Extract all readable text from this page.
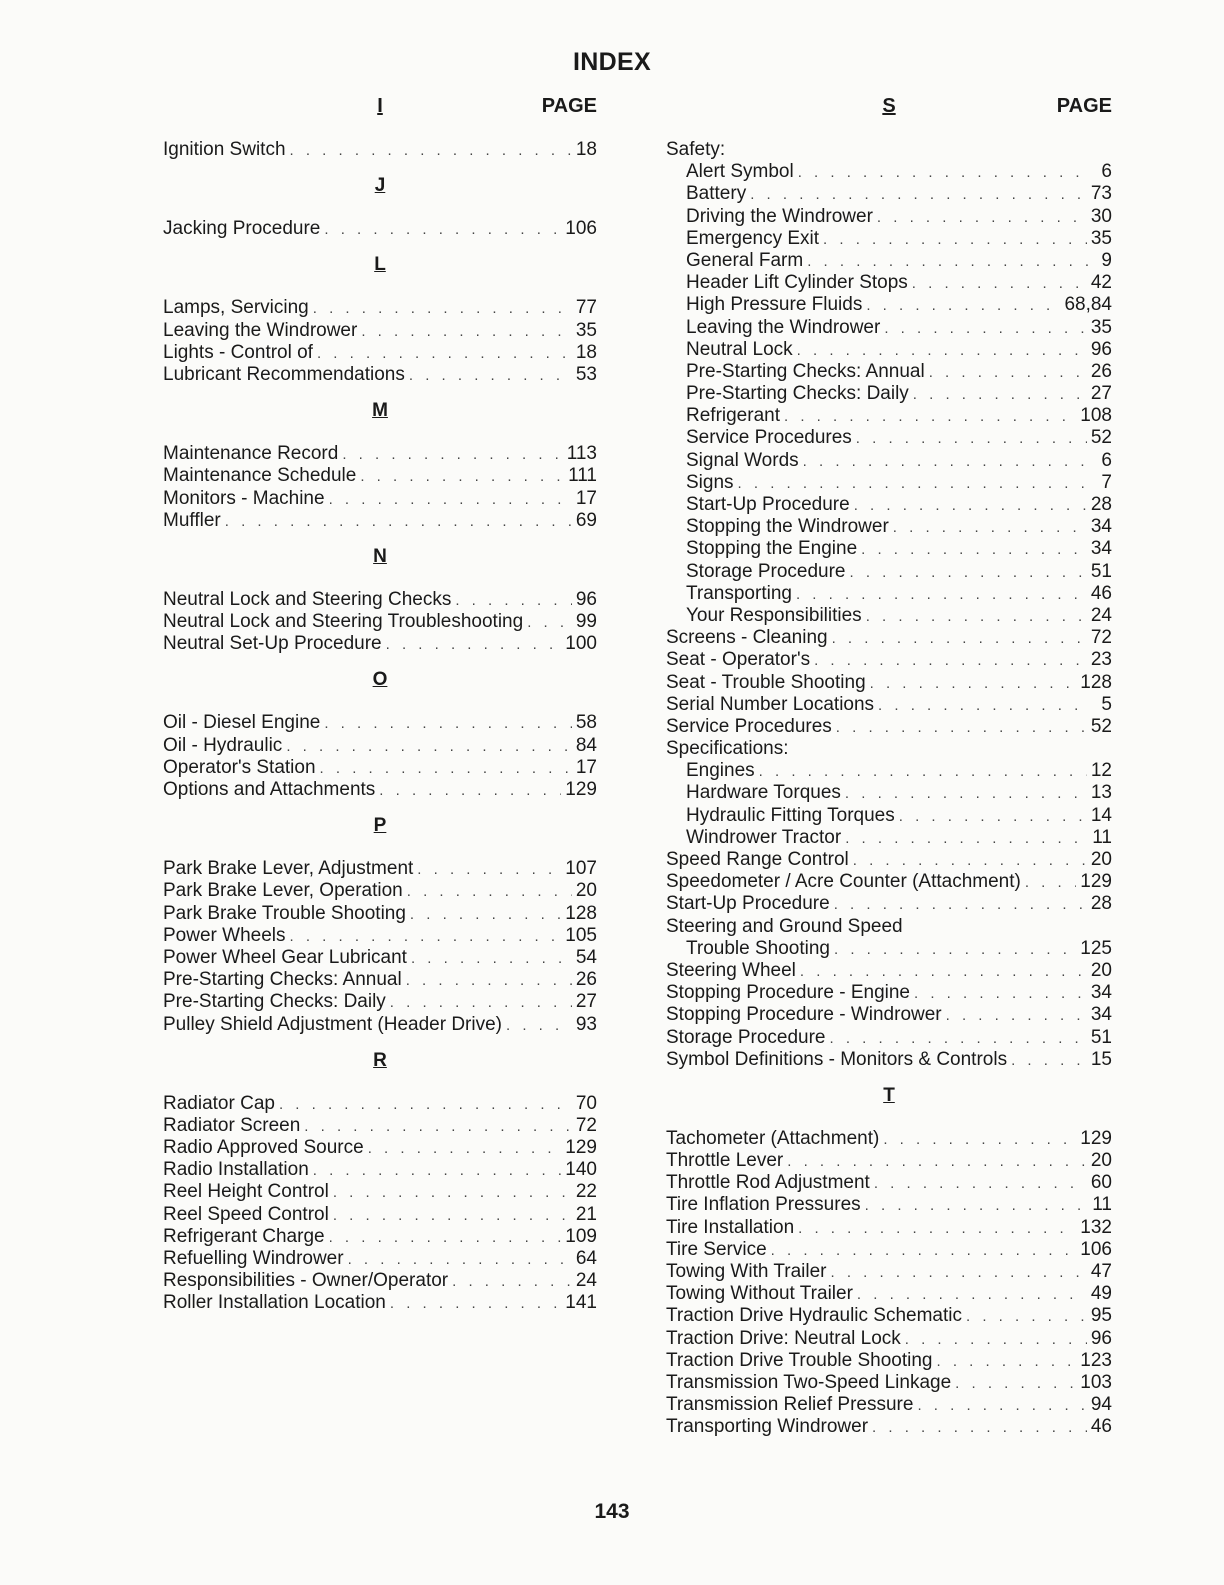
INDEX
I	PAGE
Ignition Switch . . .	18
J
Jacking Procedure . . .	106
L
Lamps, Servicing . . .	77
Leaving the Windrower . . .	35
Lights - Control of . . .	18
Lubricant Recommendations . . .	53
M
Maintenance Record . . .	113
Maintenance Schedule . . .	111
Monitors - Machine . . .	17
Muffler . . .	69
N
Neutral Lock and Steering Checks . . .	96
Neutral Lock and Steering Troubleshooting . . .	99
Neutral Set-Up Procedure . . .	100
O
Oil - Diesel Engine . . .	58
Oil - Hydraulic . . .	84
Operator's Station . . .	17
Options and Attachments . . .	129
P
Park Brake Lever, Adjustment . . .	107
Park Brake Lever, Operation . . .	20
Park Brake Trouble Shooting . . .	128
Power Wheels . . .	105
Power Wheel Gear Lubricant . . .	54
Pre-Starting Checks: Annual . . .	26
Pre-Starting Checks: Daily . . .	27
Pulley Shield Adjustment (Header Drive) . . .	93
R
Radiator Cap . . .	70
Radiator Screen . . .	72
Radio Approved Source . . .	129
Radio Installation . . .	140
Reel Height Control . . .	22
Reel Speed Control . . .	21
Refrigerant Charge . . .	109
Refuelling Windrower . . .	64
Responsibilities - Owner/Operator . . .	24
Roller Installation Location . . .	141
S	PAGE
Safety:
Alert Symbol . . .	6
Battery . . .	73
Driving the Windrower . . .	30
Emergency Exit . . .	35
General Farm . . .	9
Header Lift Cylinder Stops . . .	42
High Pressure Fluids . . .	68,84
Leaving the Windrower . . .	35
Neutral Lock . . .	96
Pre-Starting Checks: Annual . . .	26
Pre-Starting Checks: Daily . . .	27
Refrigerant . . .	108
Service Procedures . . .	52
Signal Words . . .	6
Signs . . .	7
Start-Up Procedure . . .	28
Stopping the Windrower . . .	34
Stopping the Engine . . .	34
Storage Procedure . . .	51
Transporting . . .	46
Your Responsibilities . . .	24
Screens - Cleaning . . .	72
Seat - Operator's . . .	23
Seat - Trouble Shooting . . .	128
Serial Number Locations . . .	5
Service Procedures . . .	52
Specifications:
Engines . . .	12
Hardware Torques . . .	13
Hydraulic Fitting Torques . . .	14
Windrower Tractor . . .	11
Speed Range Control . . .	20
Speedometer / Acre Counter (Attachment) . . .	129
Start-Up Procedure . . .	28
Steering and Ground Speed
Trouble Shooting . . .	125
Steering Wheel . . .	20
Stopping Procedure - Engine . . .	34
Stopping Procedure - Windrower . . .	34
Storage Procedure . . .	51
Symbol Definitions - Monitors & Controls . . .	15
T
Tachometer (Attachment) . . .	129
Throttle Lever . . .	20
Throttle Rod Adjustment . . .	60
Tire Inflation Pressures . . .	11
Tire Installation . . .	132
Tire Service . . .	106
Towing With Trailer . . .	47
Towing Without Trailer . . .	49
Traction Drive Hydraulic Schematic . . .	95
Traction Drive: Neutral Lock . . .	96
Traction Drive Trouble Shooting . . .	123
Transmission Two-Speed Linkage . . .	103
Transmission Relief Pressure . . .	94
Transporting Windrower . . .	46
143
